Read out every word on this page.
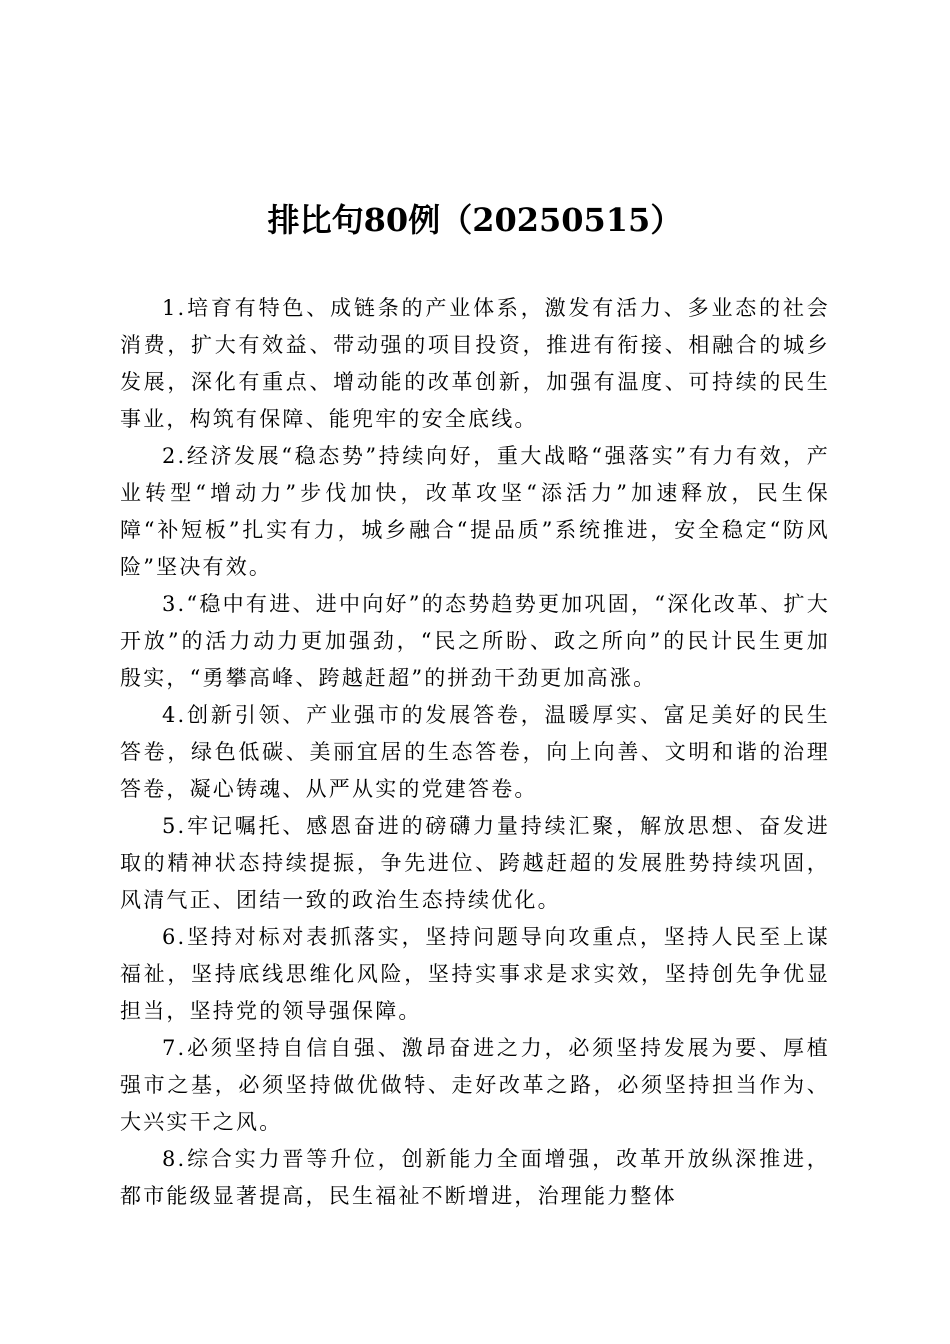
排比句80例（20250515）

1.培育有特色、成链条的产业体系，激发有活力、多业态的社会消费，扩大有效益、带动强的项目投资，推进有衔接、相融合的城乡发展，深化有重点、增动能的改革创新，加强有温度、可持续的民生事业，构筑有保障、能兜牢的安全底线。

2.经济发展“稳态势”持续向好，重大战略“强落实”有力有效，产业转型“增动力”步伐加快，改革攻坚“添活力”加速释放，民生保障“补短板”扎实有力，城乡融合“提品质”系统推进，安全稳定“防风险”坚决有效。

3.“稳中有进、进中向好”的态势趋势更加巩固，“深化改革、扩大开放”的活力动力更加强劲，“民之所盼、政之所向”的民计民生更加殷实，“勇攀高峰、跨越赶超”的拼劲干劲更加高涨。

4.创新引领、产业强市的发展答卷，温暖厚实、富足美好的民生答卷，绿色低碳、美丽宜居的生态答卷，向上向善、文明和谐的治理答卷，凝心铸魂、从严从实的党建答卷。

5.牢记嘱托、感恩奋进的磅礴力量持续汇聚，解放思想、奋发进取的精神状态持续提振，争先进位、跨越赶超的发展胜势持续巩固，风清气正、团结一致的政治生态持续优化。

6.坚持对标对表抓落实，坚持问题导向攻重点，坚持人民至上谋福祉，坚持底线思维化风险，坚持实事求是求实效，坚持创先争优显担当，坚持党的领导强保障。

7.必须坚持自信自强、激昂奋进之力，必须坚持发展为要、厚植强市之基，必须坚持做优做特、走好改革之路，必须坚持担当作为、大兴实干之风。

8.综合实力晋等升位，创新能力全面增强，改革开放纵深推进，都市能级显著提高，民生福祉不断增进，治理能力整体
